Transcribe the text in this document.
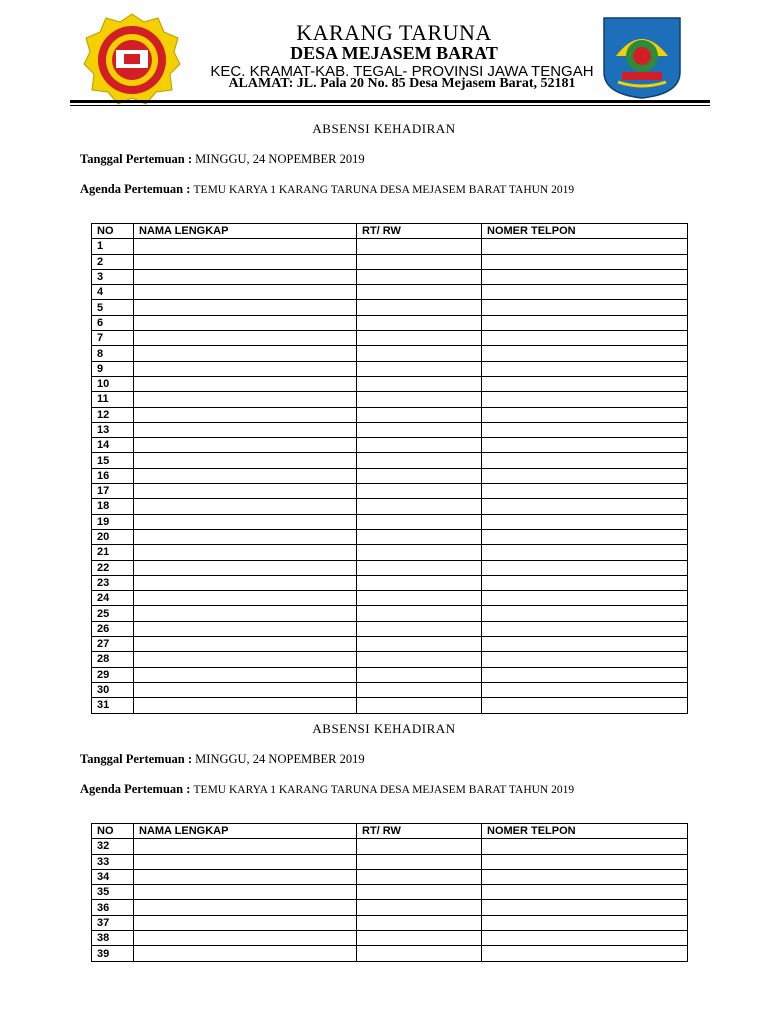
KARANG TARUNA
DESA MEJASEM BARAT
KEC. KRAMAT-KAB. TEGAL- PROVINSI JAWA TENGAH
ALAMAT: JL. Pala 20 No. 85 Desa Mejasem Barat, 52181
ABSENSI KEHADIRAN
Tanggal Pertemuan : MINGGU, 24 NOPEMBER 2019
Agenda Pertemuan : TEMU KARYA 1 KARANG TARUNA DESA MEJASEM BARAT TAHUN 2019
NO	NAMA LENGKAP	RT/ RW	NOMER TELPON
1			
2			
3			
4			
5			
6			
7			
8			
9			
10			
11			
12			
13			
14			
15			
16			
17			
18			
19			
20			
21			
22			
23			
24			
25			
26			
27			
28			
29			
30			
31			
ABSENSI KEHADIRAN
Tanggal Pertemuan : MINGGU, 24 NOPEMBER 2019
Agenda Pertemuan : TEMU KARYA 1 KARANG TARUNA DESA MEJASEM BARAT TAHUN 2019
NO	NAMA LENGKAP	RT/ RW	NOMER TELPON
32			
33			
34			
35			
36			
37			
38			
39			
